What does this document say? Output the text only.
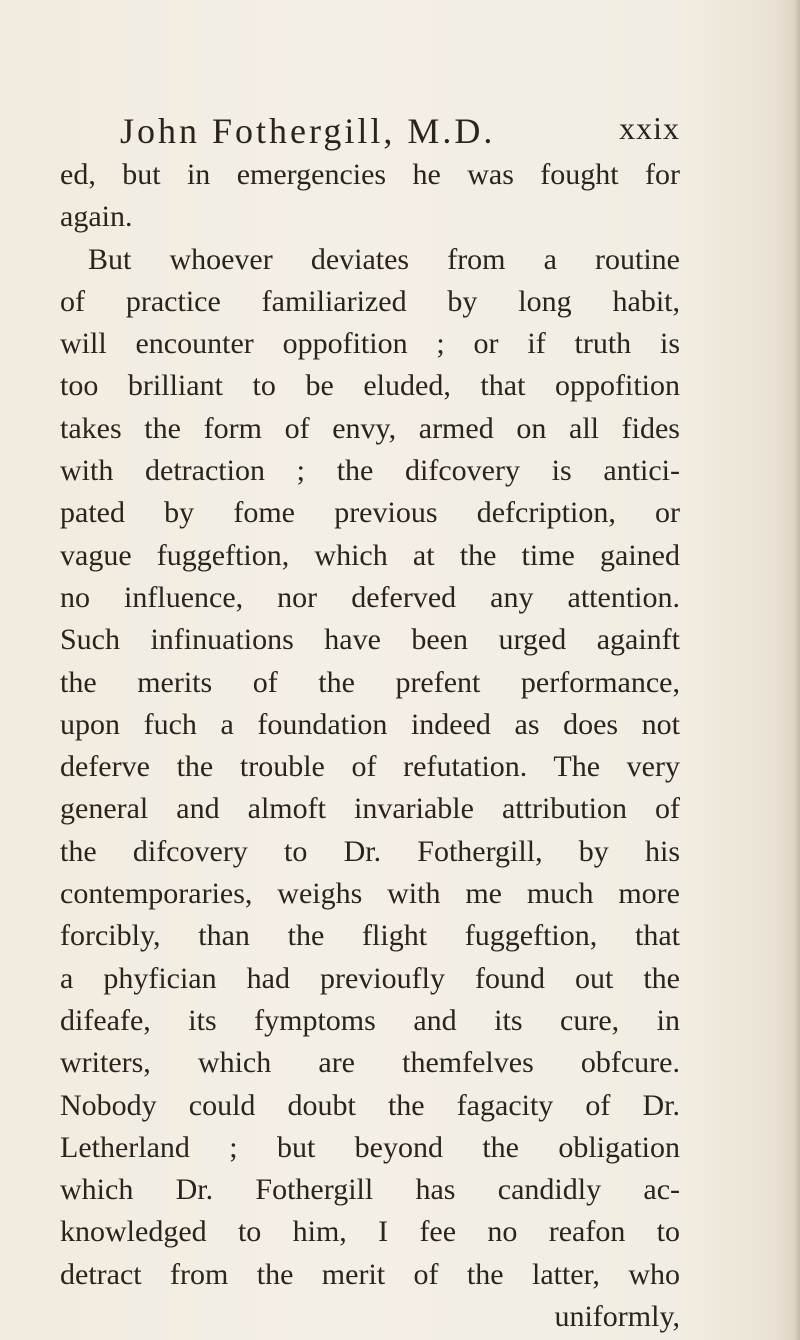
John Fothergill, M.D.	xxix
ed, but in emergencies he was fought for
again.
But whoever deviates from a routine
of practice familiarized by long habit,
will encounter oppofition ; or if truth is
too brilliant to be eluded, that oppofition
takes the form of envy, armed on all fides
with detraction ; the difcovery is antici-
pated by fome previous defcription, or
vague fuggeftion, which at the time gained
no influence, nor deferved any attention.
Such infinuations have been urged againft
the merits of the prefent performance,
upon fuch a foundation indeed as does not
deferve the trouble of refutation. The very
general and almoft invariable attribution of
the difcovery to Dr. Fothergill, by his
contemporaries, weighs with me much more
forcibly, than the flight fuggeftion, that
a phyfician had previoufly found out the
difeafe, its fymptoms and its cure, in
writers, which are themfelves obfcure.
Nobody could doubt the fagacity of Dr.
Letherland ; but beyond the obligation
which Dr. Fothergill has candidly ac-
knowledged to him, I fee no reafon to
detract from the merit of the latter, who
uniformly,
